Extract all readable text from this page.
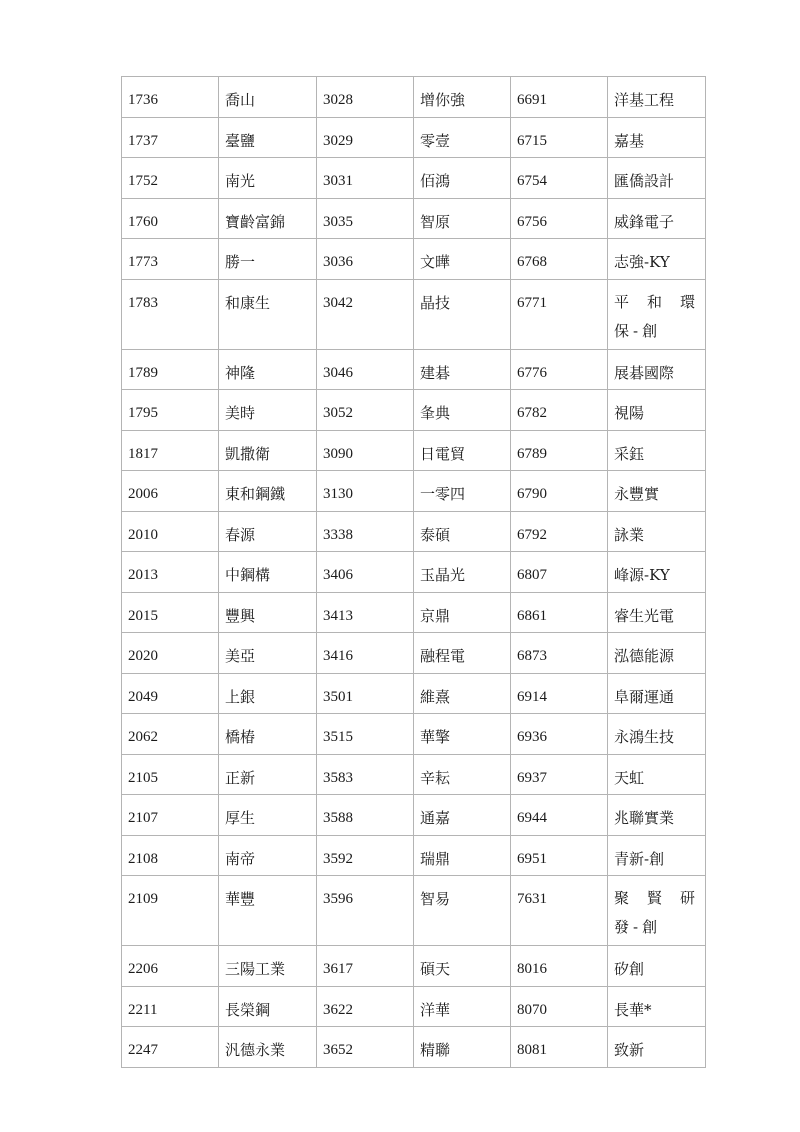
1736	喬山	3028	增你強	6691	洋基工程
1737	臺鹽	3029	零壹	6715	嘉基
1752	南光	3031	佰鴻	6754	匯僑設計
1760	寶齡富錦	3035	智原	6756	威鋒電子
1773	勝一	3036	文曄	6768	志強-KY
1783	和康生	3042	晶技	6771	平和環保-創
1789	神隆	3046	建碁	6776	展碁國際
1795	美時	3052	夆典	6782	視陽
1817	凱撒衛	3090	日電貿	6789	采鈺
2006	東和鋼鐵	3130	一零四	6790	永豐實
2010	春源	3338	泰碩	6792	詠業
2013	中鋼構	3406	玉晶光	6807	峰源-KY
2015	豐興	3413	京鼎	6861	睿生光電
2020	美亞	3416	融程電	6873	泓德能源
2049	上銀	3501	維熹	6914	阜爾運通
2062	橋椿	3515	華擎	6936	永鴻生技
2105	正新	3583	辛耘	6937	天虹
2107	厚生	3588	通嘉	6944	兆聯實業
2108	南帝	3592	瑞鼎	6951	青新-創
2109	華豐	3596	智易	7631	聚賢研發-創
2206	三陽工業	3617	碩天	8016	矽創
2211	長榮鋼	3622	洋華	8070	長華*
2247	汎德永業	3652	精聯	8081	致新
